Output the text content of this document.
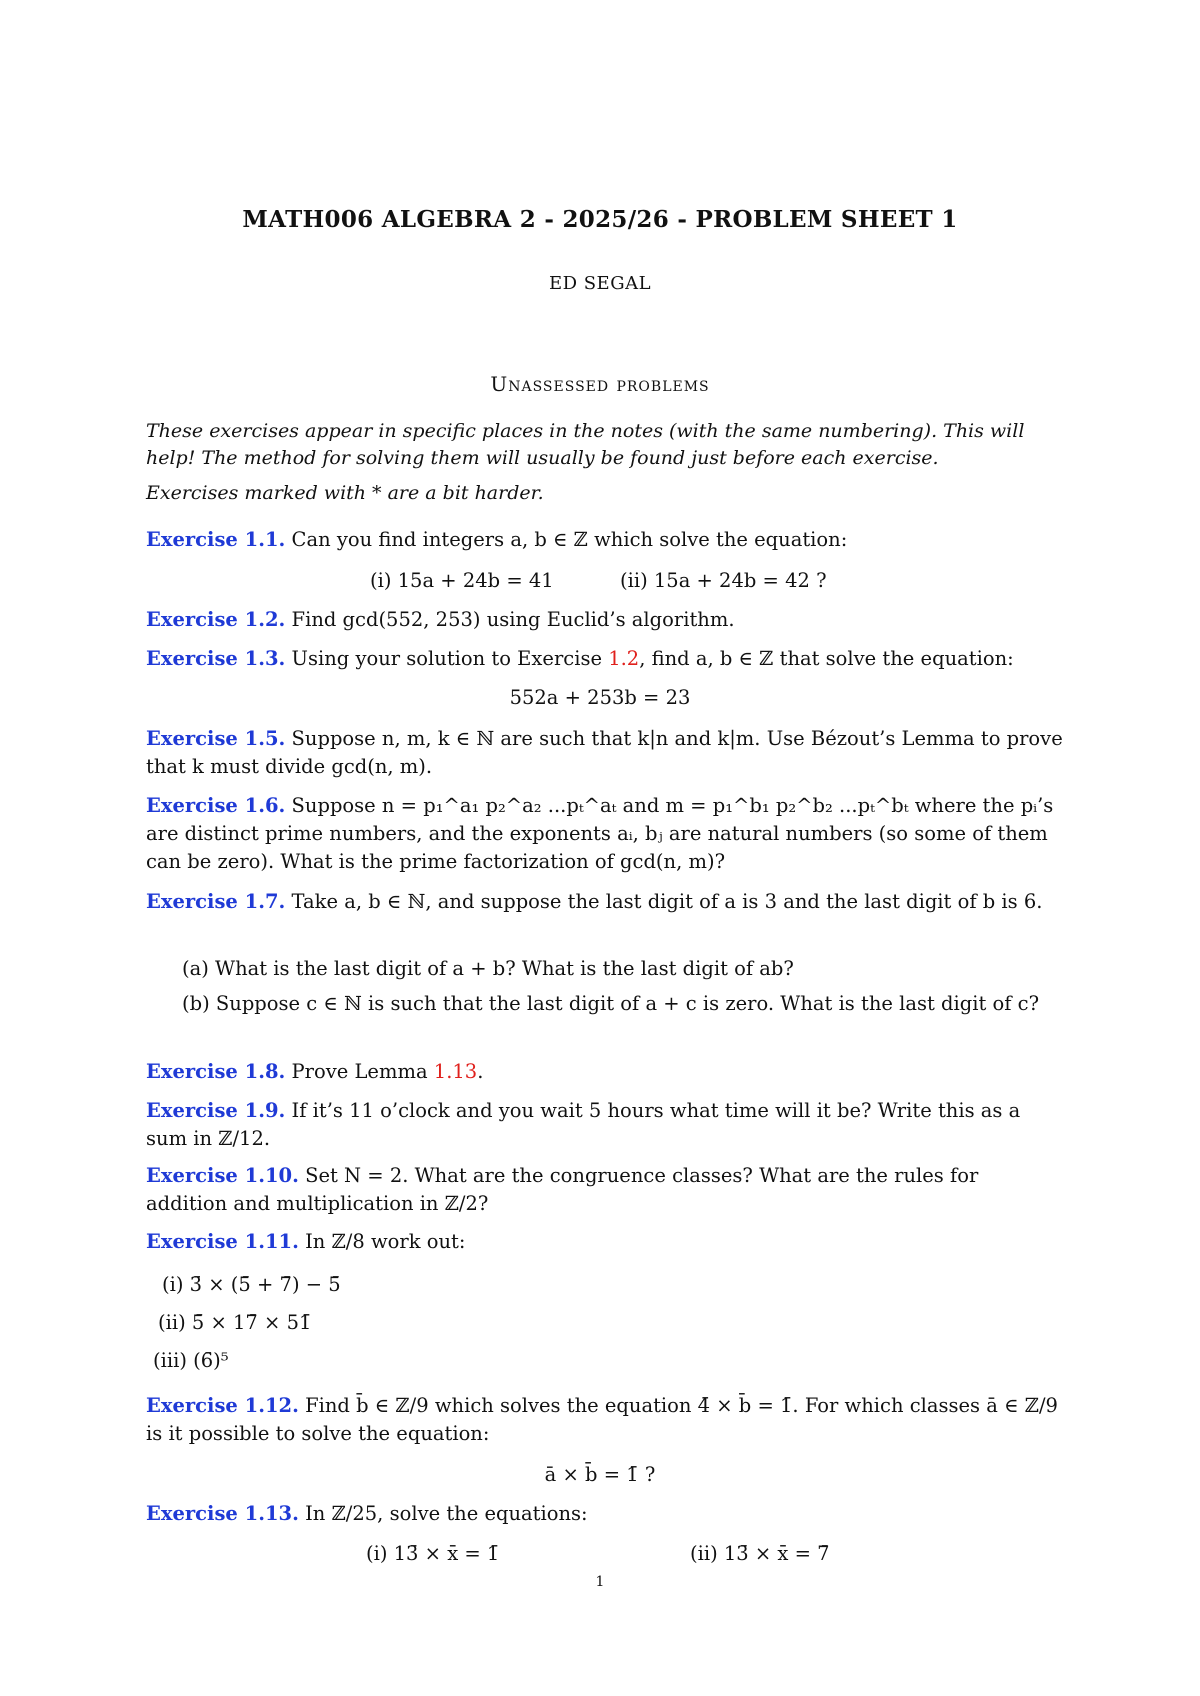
MATH006 ALGEBRA 2 - 2025/26 - PROBLEM SHEET 1
ED SEGAL
Unassessed problems
These exercises appear in specific places in the notes (with the same numbering). This will help! The method for solving them will usually be found just before each exercise.
Exercises marked with * are a bit harder.
Exercise 1.1. Can you find integers a, b ∈ ℤ which solve the equation:
(i) 15a + 24b = 41	(ii) 15a + 24b = 42 ?
Exercise 1.2. Find gcd(552, 253) using Euclid’s algorithm.
Exercise 1.3. Using your solution to Exercise 1.2, find a, b ∈ ℤ that solve the equation:
552a + 253b = 23
Exercise 1.5. Suppose n, m, k ∈ ℕ are such that k|n and k|m. Use Bézout’s Lemma to prove that k must divide gcd(n, m).
Exercise 1.6. Suppose n = p₁^a₁ p₂^a₂ ...pₜ^aₜ and m = p₁^b₁ p₂^b₂ ...pₜ^bₜ where the pᵢ’s are distinct prime numbers, and the exponents aᵢ, bⱼ are natural numbers (so some of them can be zero). What is the prime factorization of gcd(n, m)?
Exercise 1.7. Take a, b ∈ ℕ, and suppose the last digit of a is 3 and the last digit of b is 6.
(a) What is the last digit of a + b? What is the last digit of ab?
(b) Suppose c ∈ ℕ is such that the last digit of a + c is zero. What is the last digit of c?
Exercise 1.8. Prove Lemma 1.13.
Exercise 1.9. If it’s 11 o’clock and you wait 5 hours what time will it be? Write this as a sum in ℤ/12.
Exercise 1.10. Set N = 2. What are the congruence classes? What are the rules for addition and multiplication in ℤ/2?
Exercise 1.11. In ℤ/8 work out:
(i) 3̄ × (5̄ + 7̄) − 5̄
(ii) 5̄ × 17̄ × 51̄
(iii) (6̄)⁵
Exercise 1.12. Find b̄ ∈ ℤ/9 which solves the equation 4̄ × b̄ = 1̄. For which classes ā ∈ ℤ/9 is it possible to solve the equation:
ā × b̄ = 1̄ ?
Exercise 1.13. In ℤ/25, solve the equations:
(i) 13̄ × x̄ = 1̄	(ii) 13̄ × x̄ = 7̄
1
